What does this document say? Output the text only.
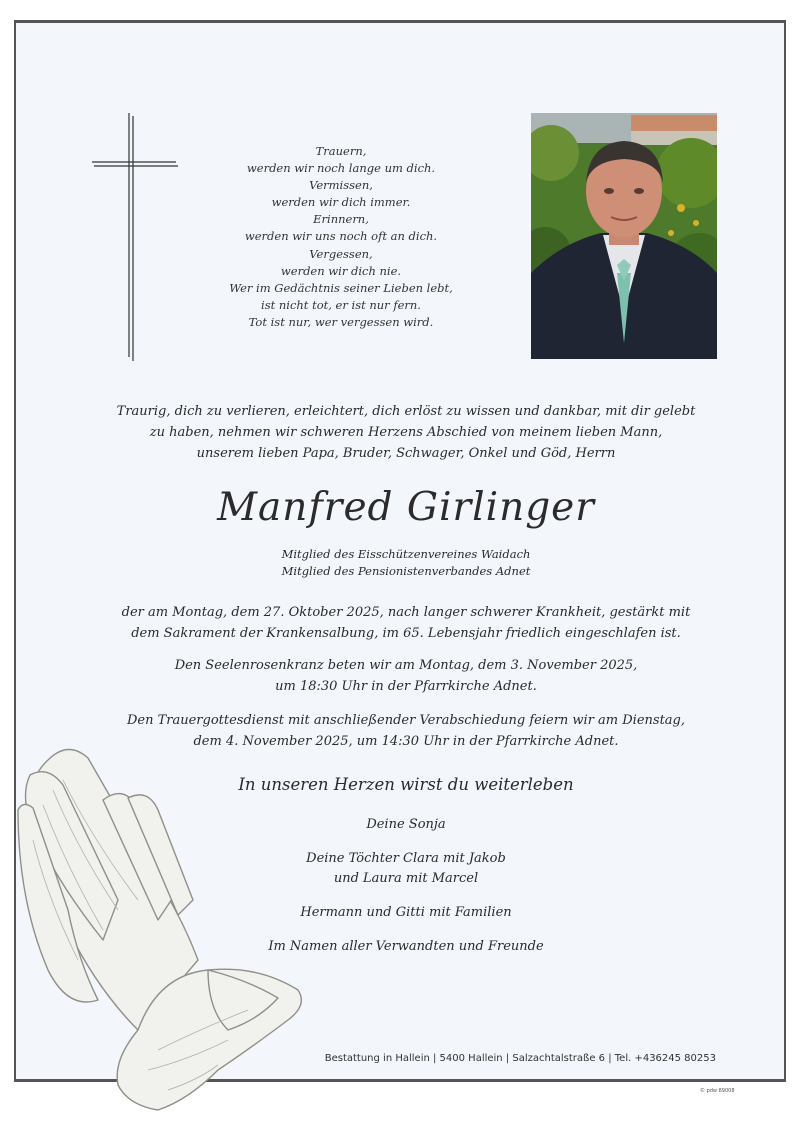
Trauern,
werden wir noch lange um dich.
Vermissen,
werden wir dich immer.
Erinnern,
werden wir uns noch oft an dich.
Vergessen,
werden wir dich nie.
Wer im Gedächtnis seiner Lieben lebt,
ist nicht tot, er ist nur fern.
Tot ist nur, wer vergessen wird.
Traurig, dich zu verlieren, erleichtert, dich erlöst zu wissen und dankbar, mit dir gelebt
zu haben, nehmen wir schweren Herzens Abschied von meinem lieben Mann,
unserem lieben Papa, Bruder, Schwager, Onkel und Göd, Herrn
Manfred Girlinger
Mitglied des Eisschützenvereines Waidach
Mitglied des Pensionistenverbandes Adnet
der am Montag, dem 27. Oktober 2025, nach langer schwerer Krankheit, gestärkt mit
dem Sakrament der Krankensalbung, im 65. Lebensjahr friedlich eingeschlafen ist.
Den Seelenrosenkranz beten wir am Montag, dem 3. November 2025,
um 18:30 Uhr in der Pfarrkirche Adnet.
Den Trauergottesdienst mit anschließender Verabschiedung feiern wir am Dienstag,
dem 4. November 2025, um 14:30 Uhr in der Pfarrkirche Adnet.
In unseren Herzen wirst du weiterleben
Deine Sonja
Deine Töchter Clara mit Jakob
und Laura mit Marcel
Hermann und Gitti mit Familien
Im Namen aller Verwandten und Freunde
Bestattung in Hallein | 5400 Hallein | Salzachtalstraße 6 | Tel. +436245 80253
© pdw 89008
